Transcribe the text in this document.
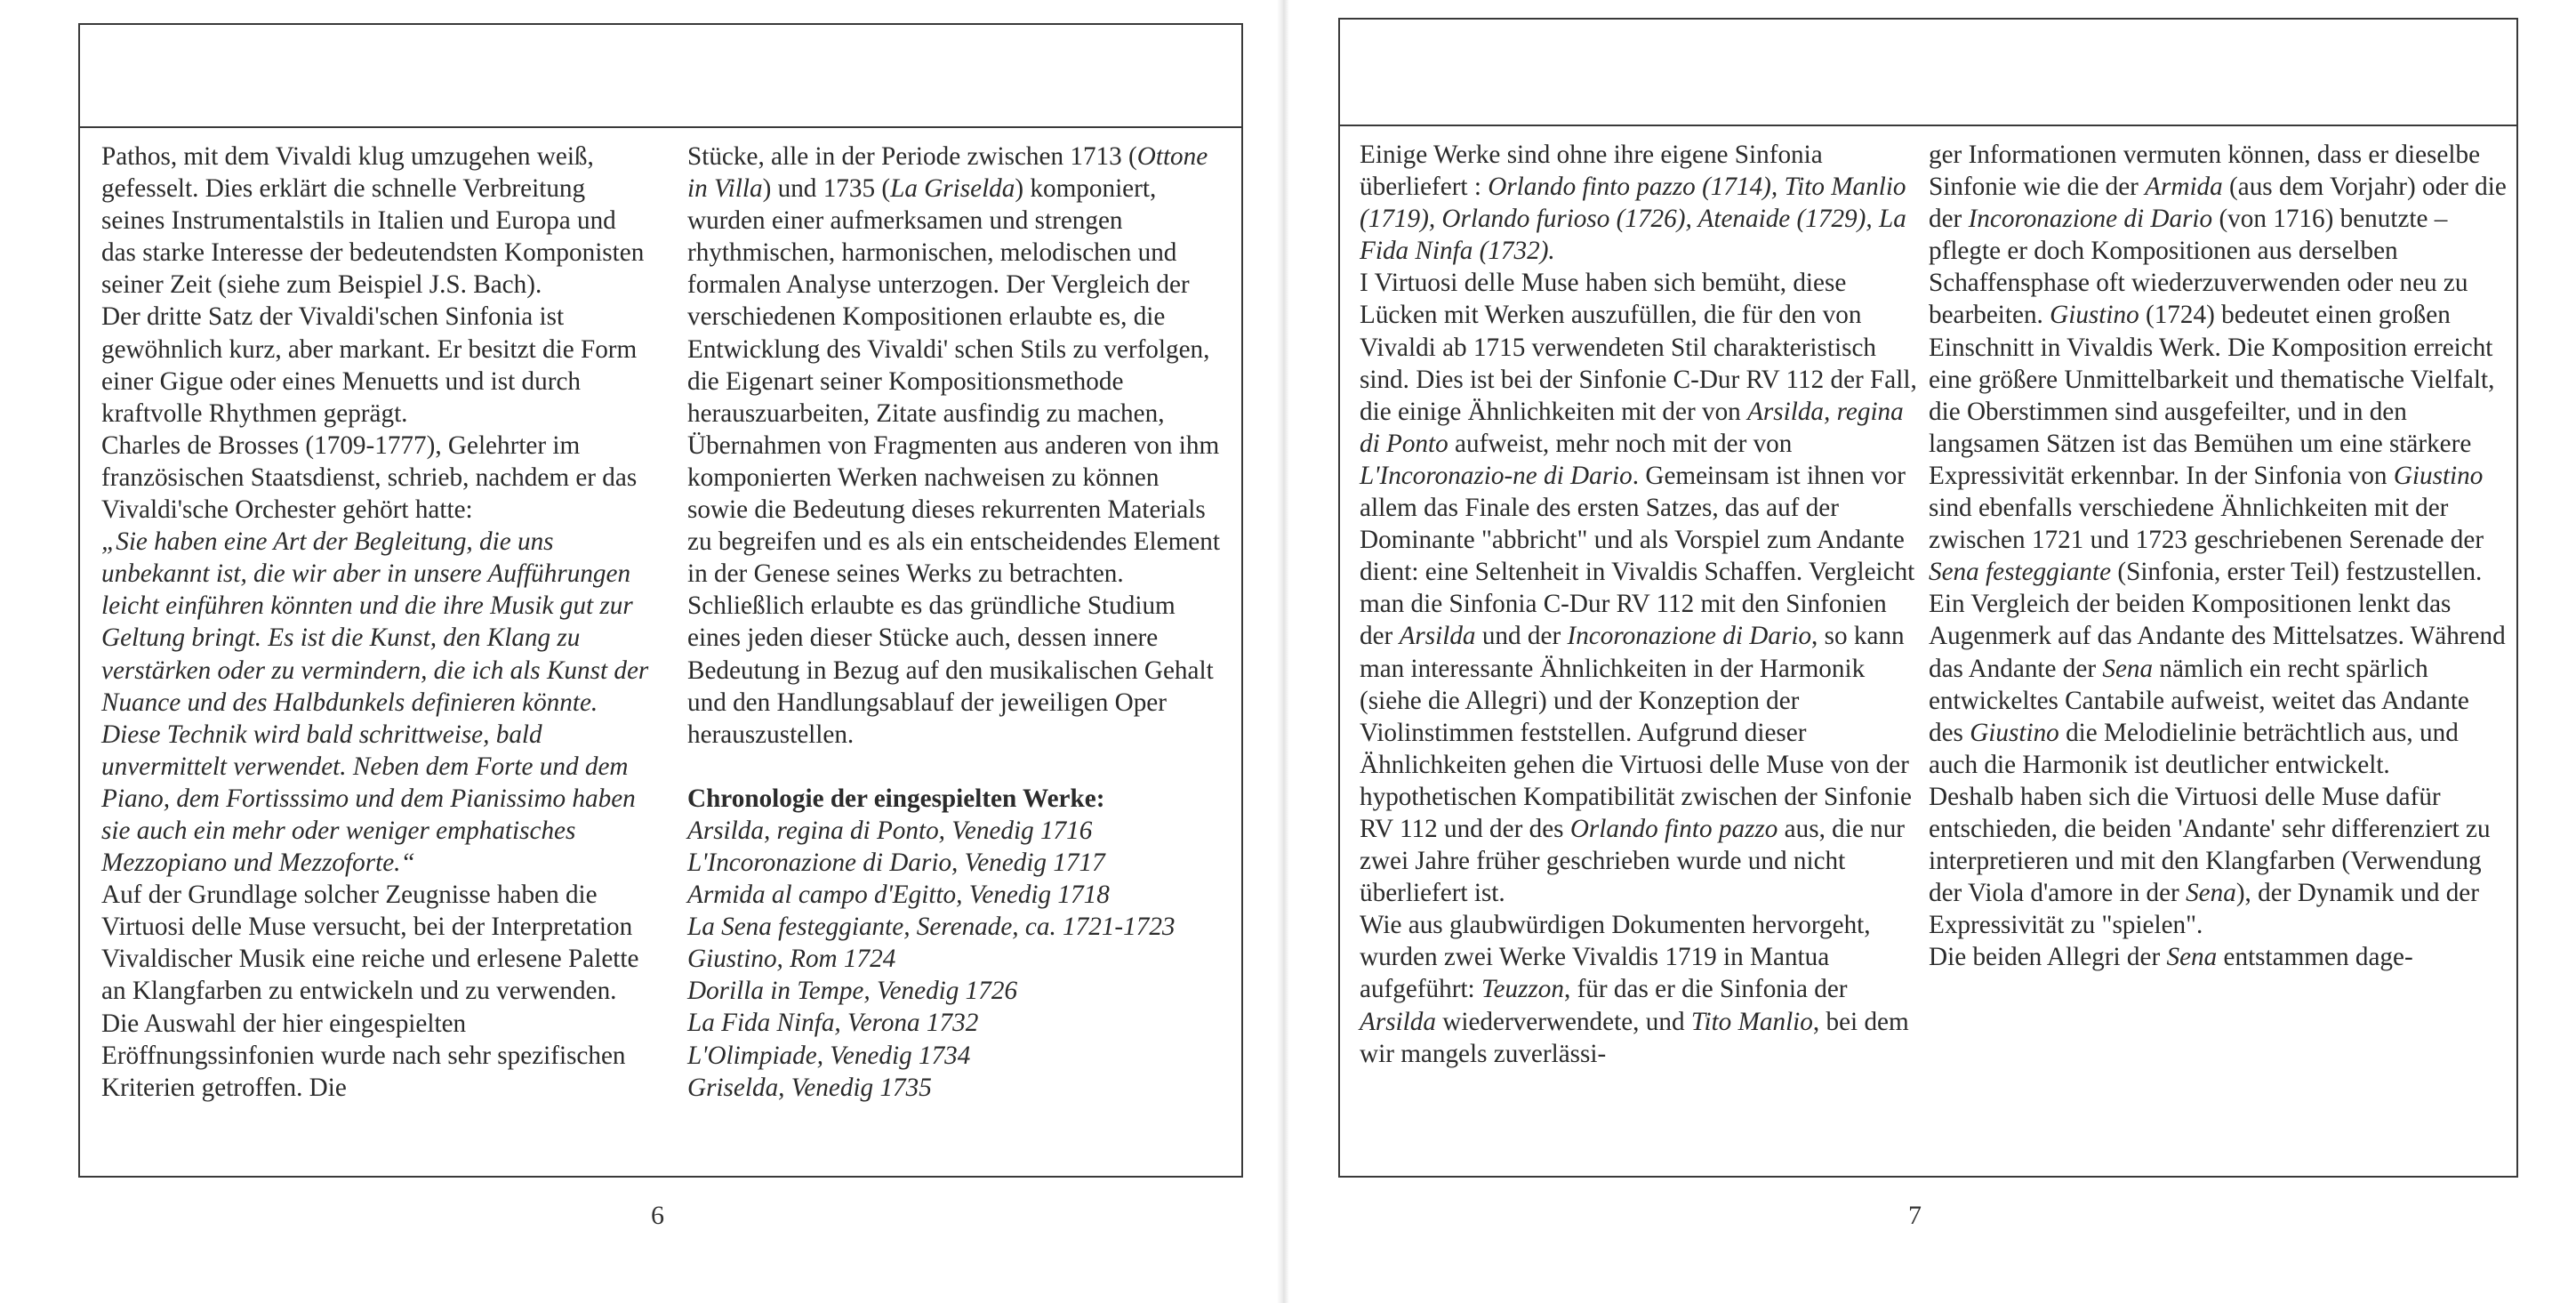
Pathos, mit dem Vivaldi klug umzugehen weiß, gefesselt. Dies erklärt die schnelle Verbreitung seines Instrumentalstils in Italien und Europa und das starke Interesse der bedeutendsten Komponisten seiner Zeit (siehe zum Beispiel J.S. Bach).

Der dritte Satz der Vivaldi'schen Sinfonia ist gewöhnlich kurz, aber markant. Er besitzt die Form einer Gigue oder eines Menuetts und ist durch kraftvolle Rhythmen geprägt.

Charles de Brosses (1709-1777), Gelehrter im französischen Staatsdienst, schrieb, nachdem er das Vivaldi'sche Orchester gehört hatte:

„Sie haben eine Art der Begleitung, die uns unbekannt ist, die wir aber in unsere Aufführungen leicht einführen könnten und die ihre Musik gut zur Geltung bringt. Es ist die Kunst, den Klang zu verstärken oder zu vermindern, die ich als Kunst der Nuance und des Halbdunkels definieren könnte. Diese Technik wird bald schrittweise, bald unvermittelt verwendet. Neben dem Forte und dem Piano, dem Fortisssimo und dem Pianissimo haben sie auch ein mehr oder weniger emphatisches Mezzopiano und Mezzoforte.“

Auf der Grundlage solcher Zeugnisse haben die Virtuosi delle Muse versucht, bei der Interpretation Vivaldischer Musik eine reiche und erlesene Palette an Klangfarben zu entwickeln und zu verwenden. Die Auswahl der hier eingespielten Eröffnungssinfonien wurde nach sehr spezifischen Kriterien getroffen. Die

Stücke, alle in der Periode zwischen 1713 (Ottone in Villa) und 1735 (La Griselda) komponiert, wurden einer aufmerksamen und strengen rhythmischen, harmonischen, melodischen und formalen Analyse unterzogen. Der Vergleich der verschiedenen Kompositionen erlaubte es, die Entwicklung des Vivaldi' schen Stils zu verfolgen, die Eigenart seiner Kompositionsmethode herauszuarbeiten, Zitate ausfindig zu machen, Übernahmen von Fragmenten aus anderen von ihm komponierten Werken nachweisen zu können sowie die Bedeutung dieses rekurrenten Materials zu begreifen und es als ein entscheidendes Element in der Genese seines Werks zu betrachten. Schließlich erlaubte es das gründliche Studium eines jeden dieser Stücke auch, dessen innere Bedeutung in Bezug auf den musikalischen Gehalt und den Handlungsablauf der jeweiligen Oper herauszustellen.

Chronologie der eingespielten Werke:

Arsilda, regina di Ponto, Venedig 1716
L'Incoronazione di Dario, Venedig 1717
Armida al campo d'Egitto, Venedig 1718
La Sena festeggiante, Serenade, ca. 1721-1723
Giustino, Rom 1724
Dorilla in Tempe, Venedig 1726
La Fida Ninfa, Verona 1732
L'Olimpiade, Venedig 1734
Griselda, Venedig 1735
6

Einige Werke sind ohne ihre eigene Sinfonia überliefert : Orlando finto pazzo (1714), Tito Manlio (1719), Orlando furioso (1726), Atenaide (1729), La Fida Ninfa (1732).

I Virtuosi delle Muse haben sich bemüht, diese Lücken mit Werken auszufüllen, die für den von Vivaldi ab 1715 verwendeten Stil charakteristisch sind. Dies ist bei der Sinfonie C-Dur RV 112 der Fall, die einige Ähnlichkeiten mit der von Arsilda, regina di Ponto aufweist, mehr noch mit der von L'Incoronazio-ne di Dario. Gemeinsam ist ihnen vor allem das Finale des ersten Satzes, das auf der Dominante "abbricht" und als Vorspiel zum Andante dient: eine Seltenheit in Vivaldis Schaffen. Vergleicht man die Sinfonia C-Dur RV 112 mit den Sinfonien der Arsilda und der Incoronazione di Dario, so kann man interessante Ähnlichkeiten in der Harmonik (siehe die Allegri) und der Konzeption der Violinstimmen feststellen. Aufgrund dieser Ähnlichkeiten gehen die Virtuosi delle Muse von der hypothetischen Kompatibilität zwischen der Sinfonie RV 112 und der des Orlando finto pazzo aus, die nur zwei Jahre früher geschrieben wurde und nicht überliefert ist.

Wie aus glaubwürdigen Dokumenten hervorgeht, wurden zwei Werke Vivaldis 1719 in Mantua aufgeführt: Teuzzon, für das er die Sinfonia der Arsilda wiederverwendete, und Tito Manlio, bei dem wir mangels zuverlässi-

ger Informationen vermuten können, dass er dieselbe Sinfonie wie die der Armida (aus dem Vorjahr) oder die der Incoronazione di Dario (von 1716) benutzte – pflegte er doch Kompositionen aus derselben Schaffensphase oft wiederzuverwenden oder neu zu bearbeiten. Giustino (1724) bedeutet einen großen Einschnitt in Vivaldis Werk. Die Komposition erreicht eine größere Unmittelbarkeit und thematische Vielfalt, die Oberstimmen sind ausgefeilter, und in den langsamen Sätzen ist das Bemühen um eine stärkere Expressivität erkennbar. In der Sinfonia von Giustino sind ebenfalls verschiedene Ähnlichkeiten mit der zwischen 1721 und 1723 geschriebenen Serenade der Sena festeggiante (Sinfonia, erster Teil) festzustellen.

Ein Vergleich der beiden Kompositionen lenkt das Augenmerk auf das Andante des Mittelsatzes. Während das Andante der Sena nämlich ein recht spärlich entwickeltes Cantabile aufweist, weitet das Andante des Giustino die Melodielinie beträchtlich aus, und auch die Harmonik ist deutlicher entwickelt.

Deshalb haben sich die Virtuosi delle Muse dafür entschieden, die beiden 'Andante' sehr differenziert zu interpretieren und mit den Klangfarben (Verwendung der Viola d'amore in der Sena), der Dynamik und der Expressivität zu "spielen".

Die beiden Allegri der Sena entstammen dage-

7
